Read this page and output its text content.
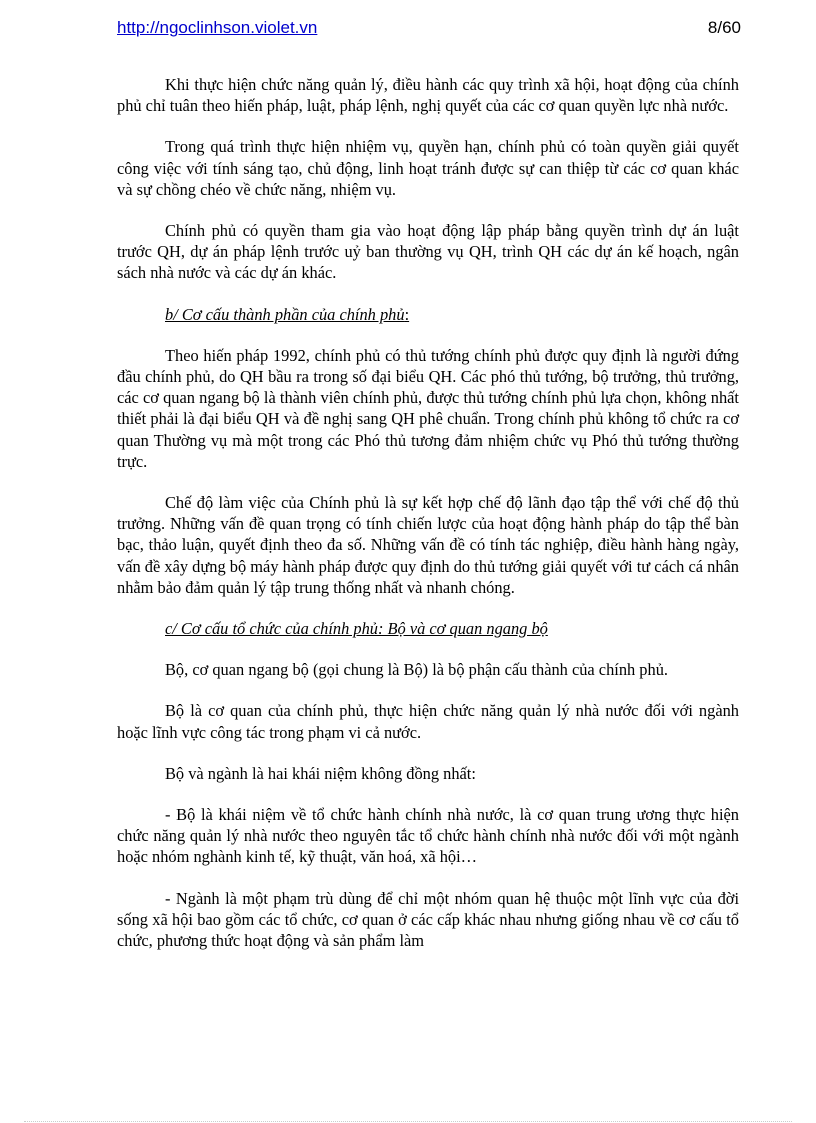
http://ngoclinhson.violet.vn	8/60

Khi thực hiện chức năng quản lý, điều hành các quy trình xã hội, hoạt động của chính phủ chỉ tuân theo hiến pháp, luật, pháp lệnh, nghị quyết của các cơ quan quyền lực nhà nước.

Trong quá trình thực hiện nhiệm vụ, quyền hạn, chính phủ có toàn quyền giải quyết công việc với tính sáng tạo, chủ động, linh hoạt tránh được sự can thiệp từ các cơ quan khác và sự chồng chéo về chức năng, nhiệm vụ.

Chính phủ có quyền tham gia vào hoạt động lập pháp bằng quyền trình dự án luật trước QH, dự án pháp lệnh trước uỷ ban thường vụ QH, trình QH các dự án kế hoạch, ngân sách nhà nước và các dự án khác.

b/ Cơ cấu thành phần của chính phủ:

Theo hiến pháp 1992, chính phủ có thủ tướng chính phủ được quy định là người đứng đầu chính phủ, do QH bầu ra trong số đại biểu QH. Các phó thủ tướng, bộ trưởng, thủ trưởng, các cơ quan ngang bộ là thành viên chính phủ, được thủ tướng chính phủ lựa chọn, không nhất thiết phải là đại biểu QH và đề nghị sang QH phê chuẩn. Trong chính phủ không tổ chức ra cơ quan Thường vụ mà một trong các Phó thủ tương đảm nhiệm chức vụ Phó thủ tướng thường trực.

Chế độ làm việc của Chính phủ là sự kết hợp chế độ lãnh đạo tập thể với chế độ thủ trưởng. Những vấn đề quan trọng có tính chiến lược của hoạt động hành pháp do tập thể bàn bạc, thảo luận, quyết định theo đa số. Những vấn đề có tính tác nghiệp, điều hành hàng ngày, vấn đề xây dựng bộ máy hành pháp được quy định do thủ tướng giải quyết với tư cách cá nhân nhằm bảo đảm quản lý tập trung thống nhất và nhanh chóng.

c/ Cơ cấu tổ chức của chính phủ: Bộ và cơ quan ngang bộ

Bộ, cơ quan ngang bộ (gọi chung là Bộ) là bộ phận cấu thành của chính phủ.

Bộ là cơ quan của chính phủ, thực hiện chức năng quản lý nhà nước đối với ngành hoặc lĩnh vực công tác trong phạm vi cả nước.

Bộ và ngành là hai khái niệm không đồng nhất:

- Bộ là khái niệm về tổ chức hành chính nhà nước, là cơ quan trung ương thực hiện chức năng quản lý nhà nước theo nguyên tắc tổ chức hành chính nhà nước đối với một ngành hoặc nhóm nghành kinh tế, kỹ thuật, văn hoá, xã hội…

- Ngành là một phạm trù dùng để chỉ một nhóm quan hệ thuộc một lĩnh vực của đời sống xã hội bao gồm các tổ chức, cơ quan ở các cấp khác nhau nhưng giống nhau về cơ cấu tổ chức, phương thức hoạt động và sản phẩm làm
